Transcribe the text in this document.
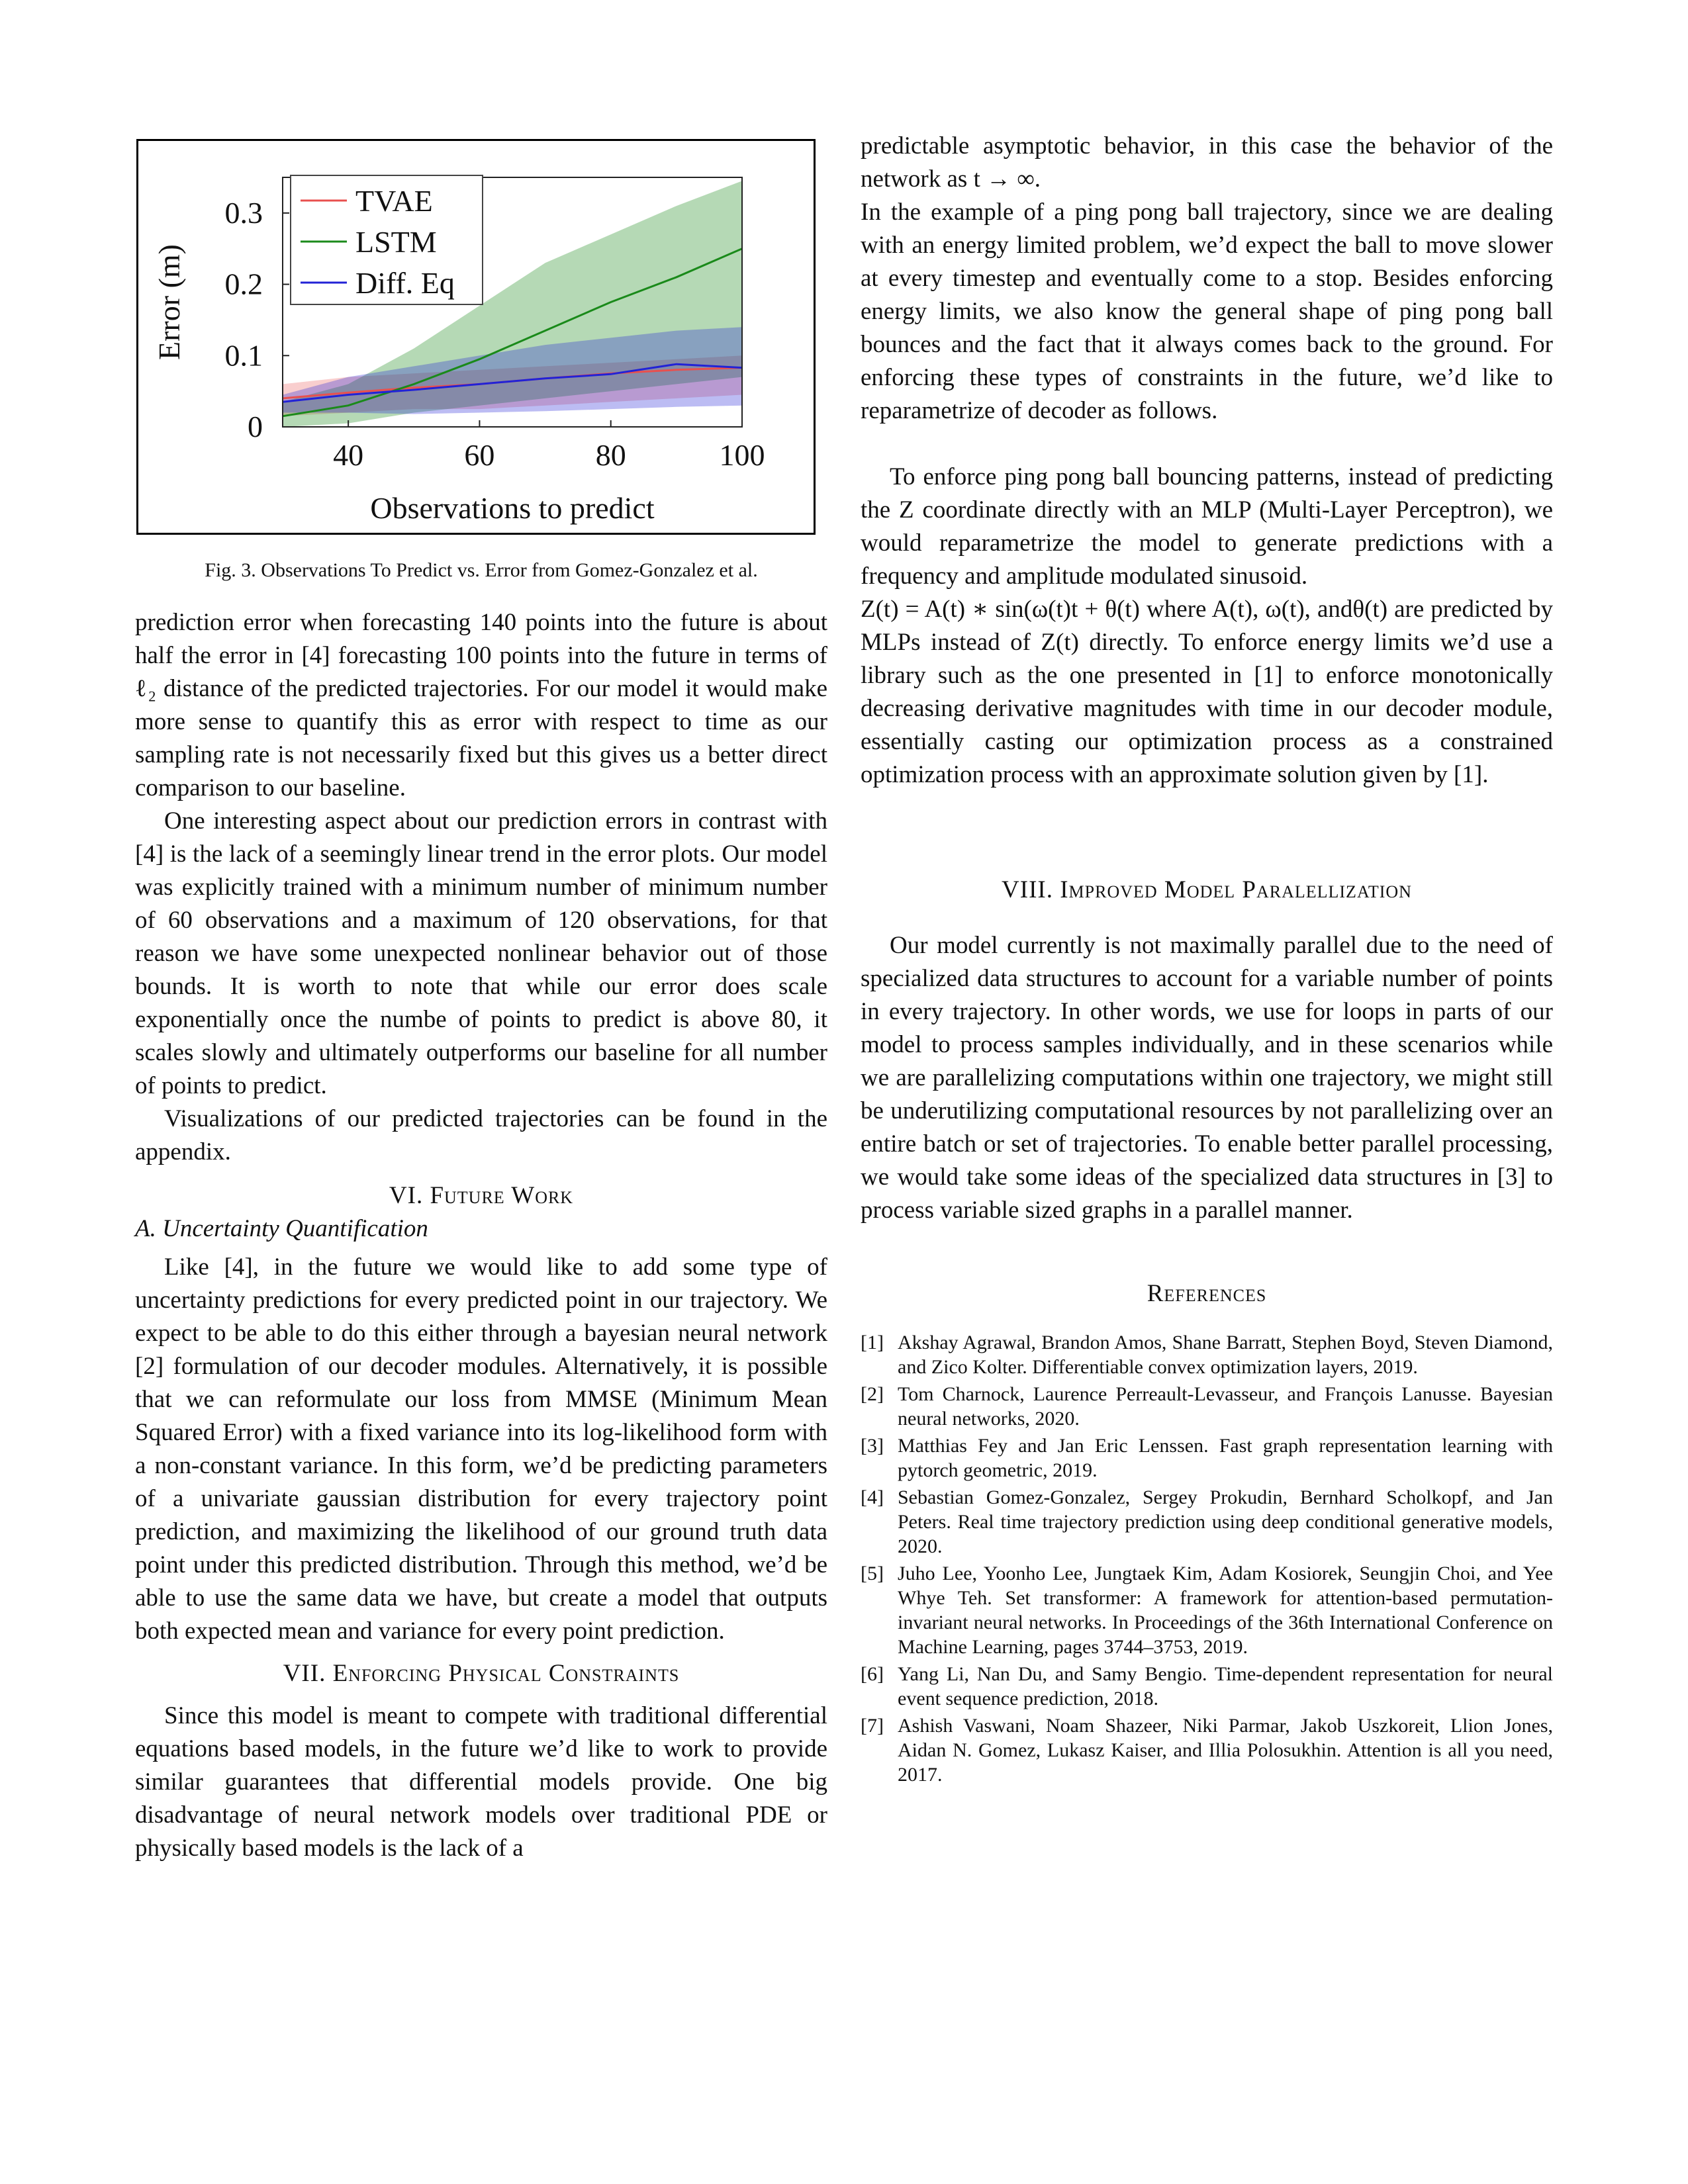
40	60	80	100
0
0.1
0.2
0.3
Observations to predict
Error (m)
TVAE
LSTM
Diff. Eq
Fig. 3. Observations To Predict vs. Error from Gomez-Gonzalez et al.

prediction error when forecasting 140 points into the future is about half the error in [4] forecasting 100 points into the future in terms of ℓ₂ distance of the predicted trajectories. For our model it would make more sense to quantify this as error with respect to time as our sampling rate is not necessarily fixed but this gives us a better direct comparison to our baseline.

One interesting aspect about our prediction errors in contrast with [4] is the lack of a seemingly linear trend in the error plots. Our model was explicitly trained with a minimum number of minimum number of 60 observations and a maximum of 120 observations, for that reason we have some unexpected nonlinear behavior out of those bounds. It is worth to note that while our error does scale exponentially once the numbe of points to predict is above 80, it scales slowly and ultimately outperforms our baseline for all number of points to predict.

Visualizations of our predicted trajectories can be found in the appendix.

VI. Future Work
A. Uncertainty Quantification

Like [4], in the future we would like to add some type of uncertainty predictions for every predicted point in our trajectory. We expect to be able to do this either through a bayesian neural network [2] formulation of our decoder modules. Alternatively, it is possible that we can reformulate our loss from MMSE (Minimum Mean Squared Error) with a fixed variance into its log-likelihood form with a non-constant variance. In this form, we’d be predicting parameters of a univariate gaussian distribution for every trajectory point prediction, and maximizing the likelihood of our ground truth data point under this predicted distribution. Through this method, we’d be able to use the same data we have, but create a model that outputs both expected mean and variance for every point prediction.

VII. Enforcing Physical Constraints

Since this model is meant to compete with traditional differential equations based models, in the future we’d like to work to provide similar guarantees that differential models provide. One big disadvantage of neural network models over traditional PDE or physically based models is the lack of a

predictable asymptotic behavior, in this case the behavior of the network as t → ∞.

In the example of a ping pong ball trajectory, since we are dealing with an energy limited problem, we’d expect the ball to move slower at every timestep and eventually come to a stop. Besides enforcing energy limits, we also know the general shape of ping pong ball bounces and the fact that it always comes back to the ground. For enforcing these types of constraints in the future, we’d like to reparametrize of decoder as follows.

To enforce ping pong ball bouncing patterns, instead of predicting the Z coordinate directly with an MLP (Multi-Layer Perceptron), we would reparametrize the model to generate predictions with a frequency and amplitude modulated sinusoid.

Z(t) = A(t) ∗ sin(ω(t)t + θ(t) where A(t), ω(t), andθ(t) are predicted by MLPs instead of Z(t) directly. To enforce energy limits we’d use a library such as the one presented in [1] to enforce monotonically decreasing derivative magnitudes with time in our decoder module, essentially casting our optimization process as a constrained optimization process with an approximate solution given by [1].

VIII. Improved Model Paralellization

Our model currently is not maximally parallel due to the need of specialized data structures to account for a variable number of points in every trajectory. In other words, we use for loops in parts of our model to process samples individually, and in these scenarios while we are parallelizing computations within one trajectory, we might still be underutilizing computational resources by not parallelizing over an entire batch or set of trajectories. To enable better parallel processing, we would take some ideas of the specialized data structures in [3] to process variable sized graphs in a parallel manner.

References
[1] Akshay Agrawal, Brandon Amos, Shane Barratt, Stephen Boyd, Steven Diamond, and Zico Kolter. Differentiable convex optimization layers, 2019.
[2] Tom Charnock, Laurence Perreault-Levasseur, and François Lanusse. Bayesian neural networks, 2020.
[3] Matthias Fey and Jan Eric Lenssen. Fast graph representation learning with pytorch geometric, 2019.
[4] Sebastian Gomez-Gonzalez, Sergey Prokudin, Bernhard Scholkopf, and Jan Peters. Real time trajectory prediction using deep conditional generative models, 2020.
[5] Juho Lee, Yoonho Lee, Jungtaek Kim, Adam Kosiorek, Seungjin Choi, and Yee Whye Teh. Set transformer: A framework for attention-based permutation-invariant neural networks. In Proceedings of the 36th International Conference on Machine Learning, pages 3744–3753, 2019.
[6] Yang Li, Nan Du, and Samy Bengio. Time-dependent representation for neural event sequence prediction, 2018.
[7] Ashish Vaswani, Noam Shazeer, Niki Parmar, Jakob Uszkoreit, Llion Jones, Aidan N. Gomez, Lukasz Kaiser, and Illia Polosukhin. Attention is all you need, 2017.
